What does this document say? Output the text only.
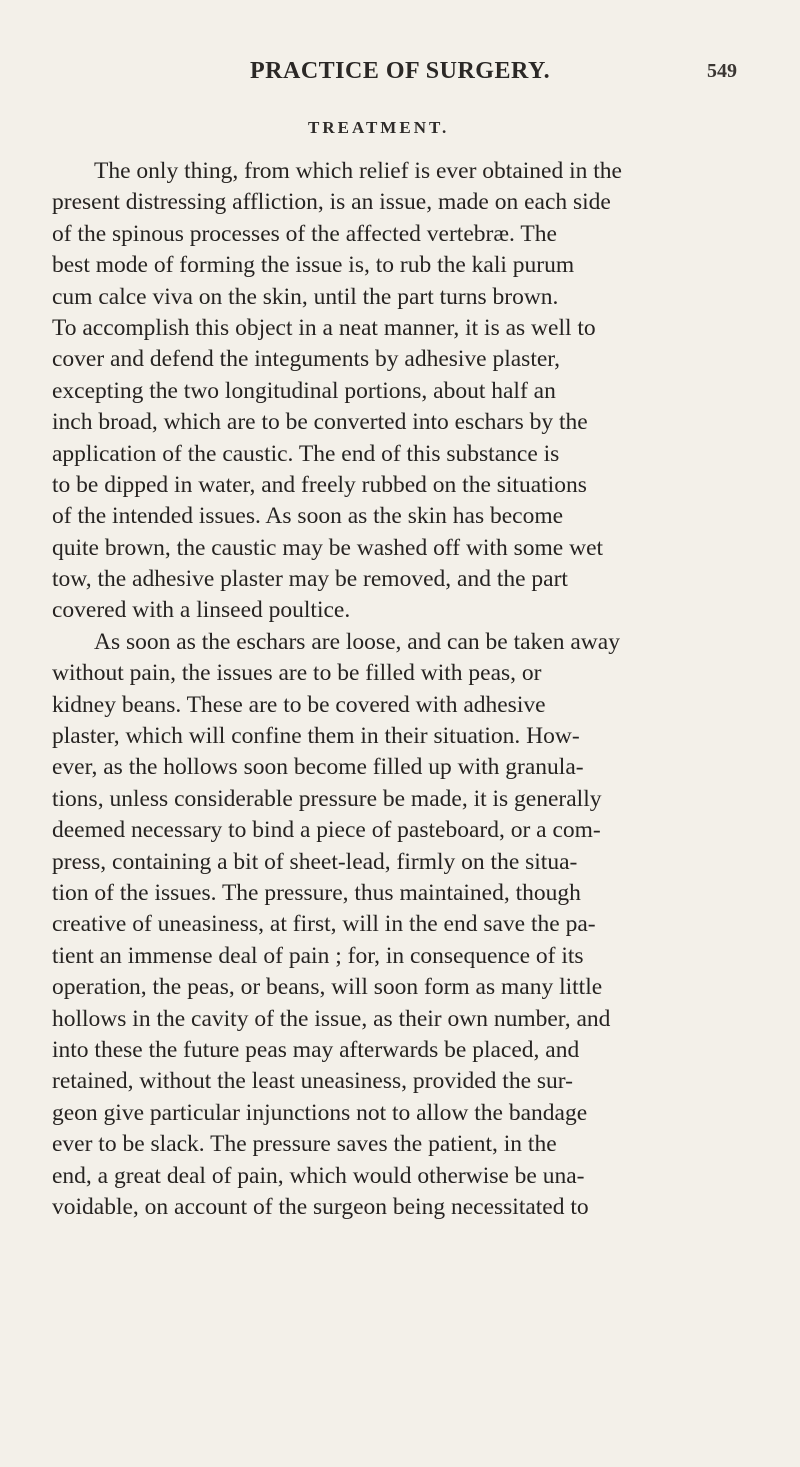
PRACTICE OF SURGERY.	549
TREATMENT.
The only thing, from which relief is ever obtained in the
present distressing affliction, is an issue, made on each side
of the spinous processes of the affected vertebræ. The
best mode of forming the issue is, to rub the kali purum
cum calce viva on the skin, until the part turns brown.
To accomplish this object in a neat manner, it is as well to
cover and defend the integuments by adhesive plaster,
excepting the two longitudinal portions, about half an
inch broad, which are to be converted into eschars by the
application of the caustic. The end of this substance is
to be dipped in water, and freely rubbed on the situations
of the intended issues. As soon as the skin has become
quite brown, the caustic may be washed off with some wet
tow, the adhesive plaster may be removed, and the part
covered with a linseed poultice.
As soon as the eschars are loose, and can be taken away
without pain, the issues are to be filled with peas, or
kidney beans. These are to be covered with adhesive
plaster, which will confine them in their situation. How-
ever, as the hollows soon become filled up with granula-
tions, unless considerable pressure be made, it is generally
deemed necessary to bind a piece of pasteboard, or a com-
press, containing a bit of sheet-lead, firmly on the situa-
tion of the issues. The pressure, thus maintained, though
creative of uneasiness, at first, will in the end save the pa-
tient an immense deal of pain ; for, in consequence of its
operation, the peas, or beans, will soon form as many little
hollows in the cavity of the issue, as their own number, and
into these the future peas may afterwards be placed, and
retained, without the least uneasiness, provided the sur-
geon give particular injunctions not to allow the bandage
ever to be slack. The pressure saves the patient, in the
end, a great deal of pain, which would otherwise be una-
voidable, on account of the surgeon being necessitated to
